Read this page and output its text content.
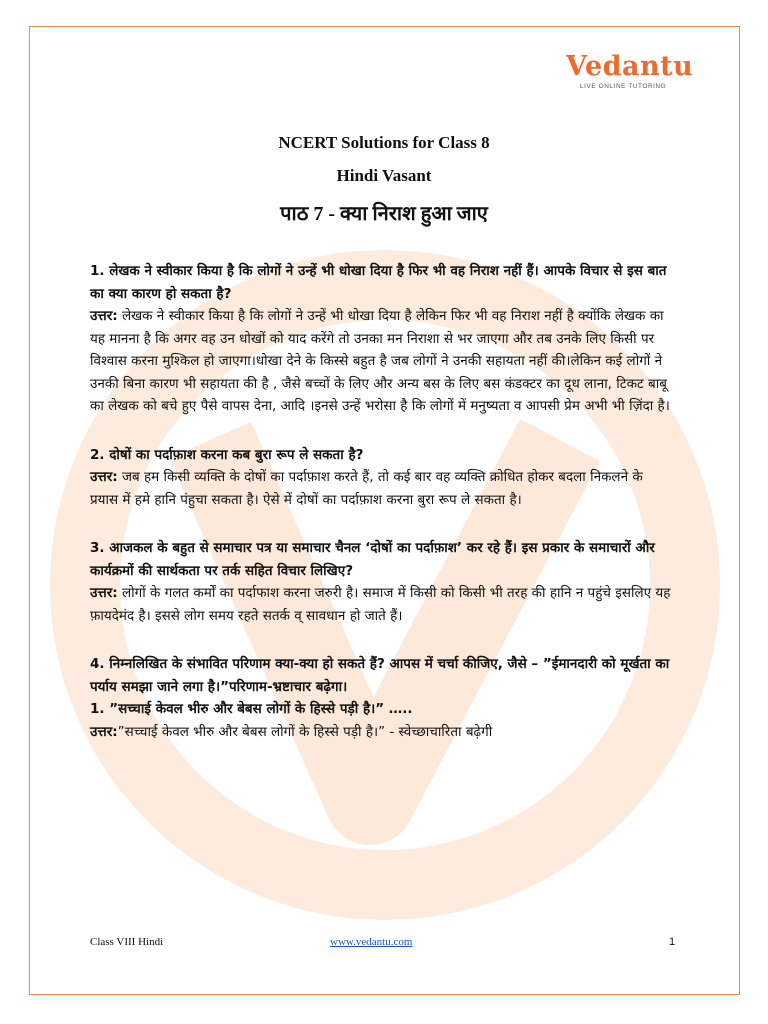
Vedantu
LIVE ONLINE TUTORING
NCERT Solutions for Class 8
Hindi Vasant
पाठ 7 - क्या निराश हुआ जाए

1. लेखक ने स्वीकार किया है कि लोगों ने उन्हें भी धोखा दिया है फिर भी वह निराश नहीं हैं। आपके विचार से इस बात का क्या कारण हो सकता है?

उत्तर: लेखक ने स्वीकार किया है कि लोगों ने उन्हें भी धोखा दिया है लेकिन फिर भी वह निराश नहीं है क्योंकि लेखक का यह मानना है कि अगर वह उन धोखों को याद करेंगे तो उनका मन निराशा से भर जाएगा और तब उनके लिए किसी पर विश्वास करना मुश्किल हो जाएगा।धोखा देने के किस्से बहुत है जब लोगों ने उनकी सहायता नहीं की।लेकिन कई लोगों ने उनकी बिना कारण भी सहायता की है , जैसे बच्चों के लिए और अन्य बस के लिए बस कंडक्टर का दूध लाना, टिकट बाबू का लेखक को बचे हुए पैसे वापस देना, आदि ।इनसे उन्हें भरोसा है कि लोगों में मनुष्यता व आपसी प्रेम अभी भी ज़िंदा है।

2. दोषों का पर्दाफ़ाश करना कब बुरा रूप ले सकता है?

उत्तर: जब हम किसी व्यक्ति के दोषों का पर्दाफ़ाश करते हैं, तो कई बार वह व्यक्ति क्रोधित होकर बदला निकलने के प्रयास में हमे हानि पंहुचा सकता है। ऐसे में दोषों का पर्दाफ़ाश करना बुरा रूप ले सकता है।

3. आजकल के बहुत से समाचार पत्र या समाचार चैनल ‘दोषों का पर्दाफ़ाश’ कर रहे हैं। इस प्रकार के समाचारों और कार्यक्रमों की सार्थकता पर तर्क सहित विचार लिखिए?

उत्तर: लोगों के गलत कर्मों का पर्दाफाश करना जरुरी है। समाज में किसी को किसी भी तरह की हानि न पहुंचे इसलिए यह फ़ायदेमंद है। इससे लोग समय रहते सतर्क व् सावधान हो जाते हैं।

4. निम्नलिखित के संभावित परिणाम क्या-क्या हो सकते हैं? आपस में चर्चा कीजिए, जैसे – ”ईमानदारी को मूर्खता का पर्याय समझा जाने लगा है।”परिणाम-भ्रष्टाचार बढ़ेगा।

1. ”सच्चाई केवल भीरु और बेबस लोगों के हिस्से पड़ी है।” …..

उत्तर:”सच्चाई केवल भीरु और बेबस लोगों के हिस्से पड़ी है।” - स्वेच्छाचारिता बढ़ेगी

Class VIII Hindi	www.vedantu.com	1
